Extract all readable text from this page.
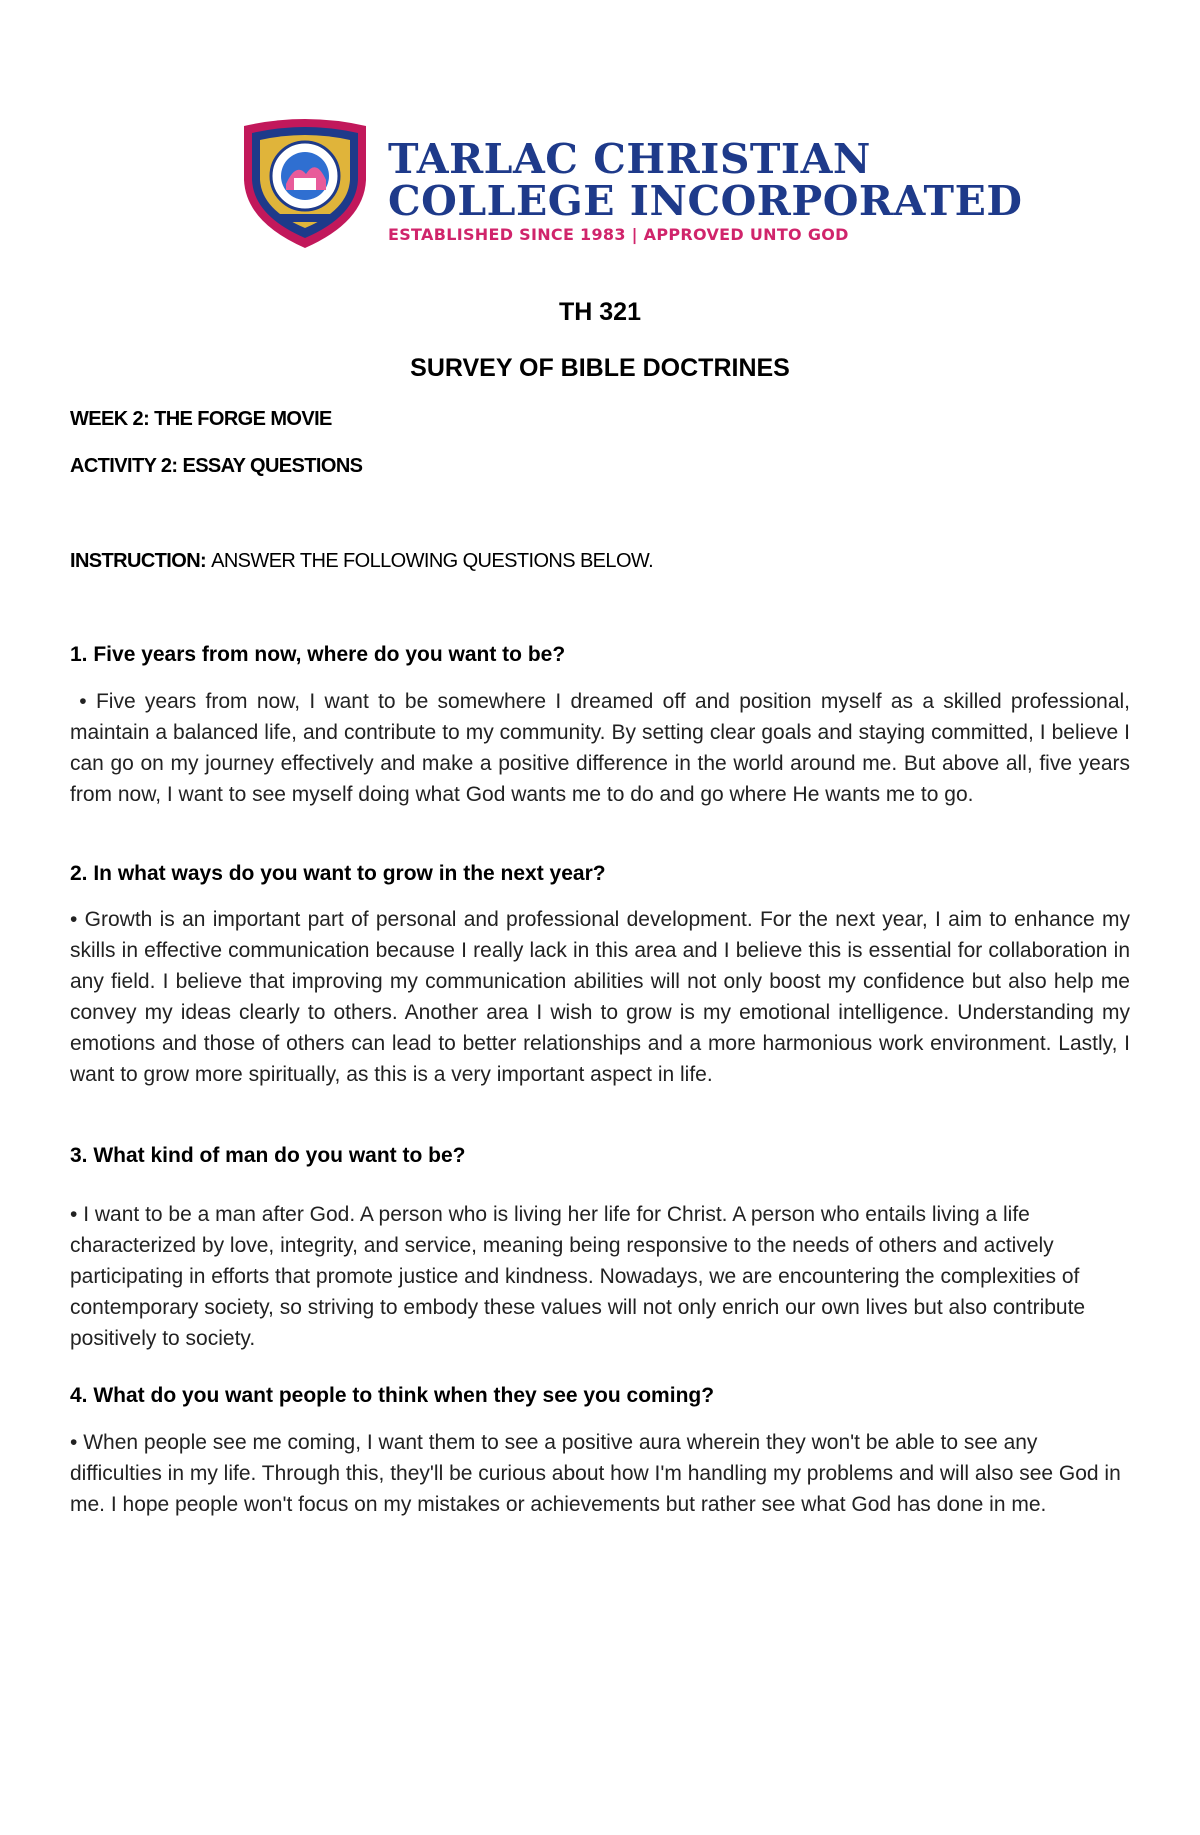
TARLAC CHRISTIAN
COLLEGE INCORPORATED
ESTABLISHED SINCE 1983 | APPROVED UNTO GOD
TH 321
SURVEY OF BIBLE DOCTRINES
WEEK 2: THE FORGE MOVIE
ACTIVITY 2: ESSAY QUESTIONS
INSTRUCTION: ANSWER THE FOLLOWING QUESTIONS BELOW.
1. Five years from now, where do you want to be?
• Five years from now, I want to be somewhere I dreamed off and position myself as a skilled professional, maintain a balanced life, and contribute to my community. By setting clear goals and staying committed, I believe I can go on my journey effectively and make a positive difference in the world around me. But above all, five years from now, I want to see myself doing what God wants me to do and go where He wants me to go.
2. In what ways do you want to grow in the next year?
• Growth is an important part of personal and professional development. For the next year, I aim to enhance my skills in effective communication because I really lack in this area and I believe this is essential for collaboration in any field. I believe that improving my communication abilities will not only boost my confidence but also help me convey my ideas clearly to others. Another area I wish to grow is my emotional intelligence. Understanding my emotions and those of others can lead to better relationships and a more harmonious work environment. Lastly, I want to grow more spiritually, as this is a very important aspect in life.
3. What kind of man do you want to be?
• I want to be a man after God. A person who is living her life for Christ. A person who entails living a life characterized by love, integrity, and service, meaning being responsive to the needs of others and actively participating in efforts that promote justice and kindness. Nowadays, we are encountering the complexities of contemporary society, so striving to embody these values will not only enrich our own lives but also contribute positively to society.
4. What do you want people to think when they see you coming?
• When people see me coming, I want them to see a positive aura wherein they won't be able to see any difficulties in my life. Through this, they'll be curious about how I'm handling my problems and will also see God in me. I hope people won't focus on my mistakes or achievements but rather see what God has done in me.
